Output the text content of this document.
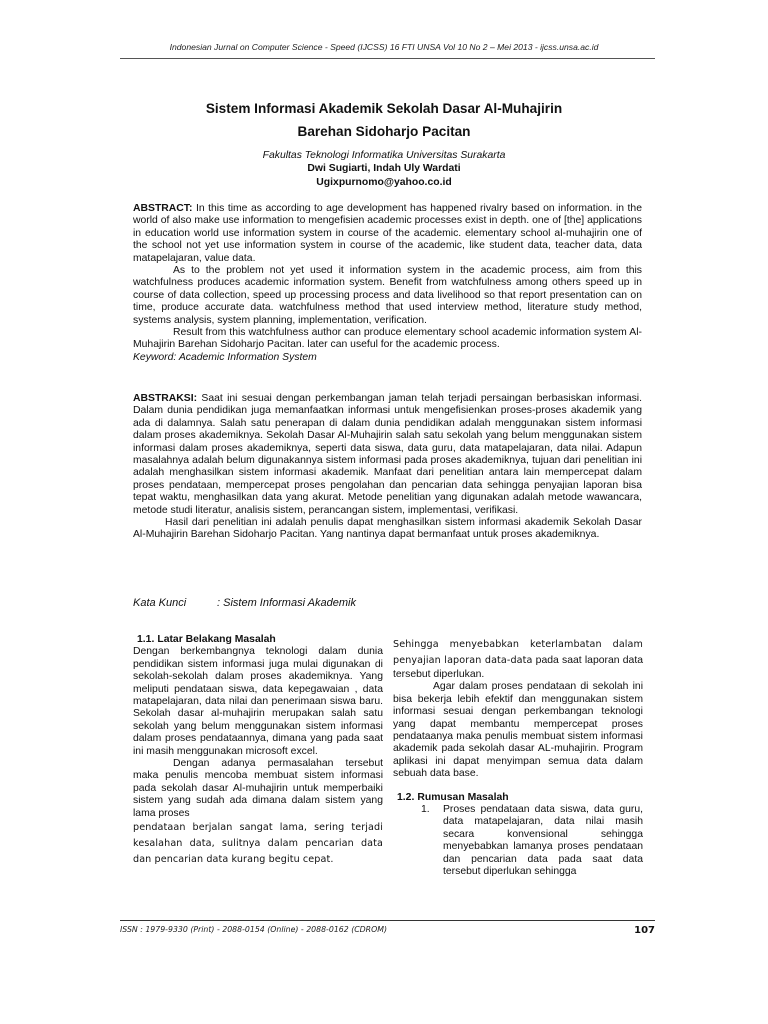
Indonesian Jurnal on Computer Science - Speed (IJCSS) 16 FTI UNSA Vol 10 No 2 – Mei 2013 - ijcss.unsa.ac.id
Sistem Informasi Akademik Sekolah Dasar Al-Muhajirin
Barehan Sidoharjo Pacitan
Fakultas Teknologi Informatika Universitas Surakarta
Dwi Sugiarti, Indah Uly Wardati
Ugixpurnomo@yahoo.co.id

ABSTRACT: In this time as according to age development has happened rivalry based on information. in the world of also make use information to mengefisien academic processes exist in depth. one of [the] applications in education world use information system in course of the academic. elementary school al-muhajirin one of the school not yet use information system in course of the academic, like student data, teacher data, data matapelajaran, value data.

As to the problem not yet used it information system in the academic process, aim from this watchfulness produces academic information system. Benefit from watchfulness among others speed up in course of data collection, speed up processing process and data livelihood so that report presentation can on time, produce accurate data. watchfulness method that used interview method, literature study method, systems analysis, system planning, implementation, verification.

Result from this watchfulness author can produce elementary school academic information system Al-Muhajirin Barehan Sidoharjo Pacitan. later can useful for the academic process.

Keyword: Academic Information System

ABSTRAKSI: Saat ini sesuai dengan perkembangan jaman telah terjadi persaingan berbasiskan informasi. Dalam dunia pendidikan juga memanfaatkan informasi untuk mengefisienkan proses-proses akademik yang ada di dalamnya. Salah satu penerapan di dalam dunia pendidikan adalah menggunakan sistem informasi dalam proses akademiknya. Sekolah Dasar Al-Muhajirin salah satu sekolah yang belum menggunakan sistem informasi dalam proses akademiknya, seperti data siswa, data guru, data matapelajaran, data nilai. Adapun masalahnya adalah belum digunakannya sistem informasi pada proses akademiknya, tujuan dari penelitian ini adalah menghasilkan sistem informasi akademik. Manfaat dari penelitian antara lain mempercepat dalam proses pendataan, mempercepat proses pengolahan dan pencarian data sehingga penyajian laporan bisa tepat waktu, menghasilkan data yang akurat. Metode penelitian yang digunakan adalah metode wawancara, metode studi literatur, analisis sistem, perancangan sistem, implementasi, verifikasi.

Hasil dari penelitian ini adalah penulis dapat menghasilkan sistem informasi akademik Sekolah Dasar Al-Muhajirin Barehan Sidoharjo Pacitan. Yang nantinya dapat bermanfaat untuk proses akademiknya.

Kata Kunci	: Sistem Informasi Akademik

1.1. Latar Belakang Masalah

Dengan berkembangnya teknologi dalam dunia pendidikan sistem informasi juga mulai digunakan di sekolah-sekolah dalam proses akademiknya. Yang meliputi pendataan siswa, data kepegawaian , data matapelajaran, data nilai dan penerimaan siswa baru. Sekolah dasar al-muhajirin merupakan salah satu sekolah yang belum menggunakan sistem informasi dalam proses pendataannya, dimana yang pada saat ini masih menggunakan microsoft excel.

Dengan adanya permasalahan tersebut maka penulis mencoba membuat sistem informasi pada sekolah dasar Al-muhajirin untuk memperbaiki sistem yang sudah ada dimana dalam sistem yang lama proses

pendataan berjalan sangat lama, sering terjadi kesalahan data, sulitnya dalam pencarian data dan pencarian data kurang begitu cepat.

Sehingga menyebabkan keterlambatan dalam penyajian laporan data-data pada saat laporan data tersebut diperlukan.

Agar dalam proses pendataan di sekolah ini bisa bekerja lebih efektif dan menggunakan sistem informasi sesuai dengan perkembangan teknologi yang dapat membantu mempercepat proses pendataanya maka penulis membuat sistem informasi akademik pada sekolah dasar AL-muhajirin. Program aplikasi ini dapat menyimpan semua data dalam sebuah data base.

1.2. Rumusan Masalah

1.	Proses pendataan data siswa, data guru, data matapelajaran, data nilai masih secara konvensional sehingga menyebabkan lamanya proses pendataan dan pencarian data pada saat data tersebut diperlukan sehingga
ISSN : 1979-9330 (Print) - 2088-0154 (Online) - 2088-0162 (CDROM)	107
